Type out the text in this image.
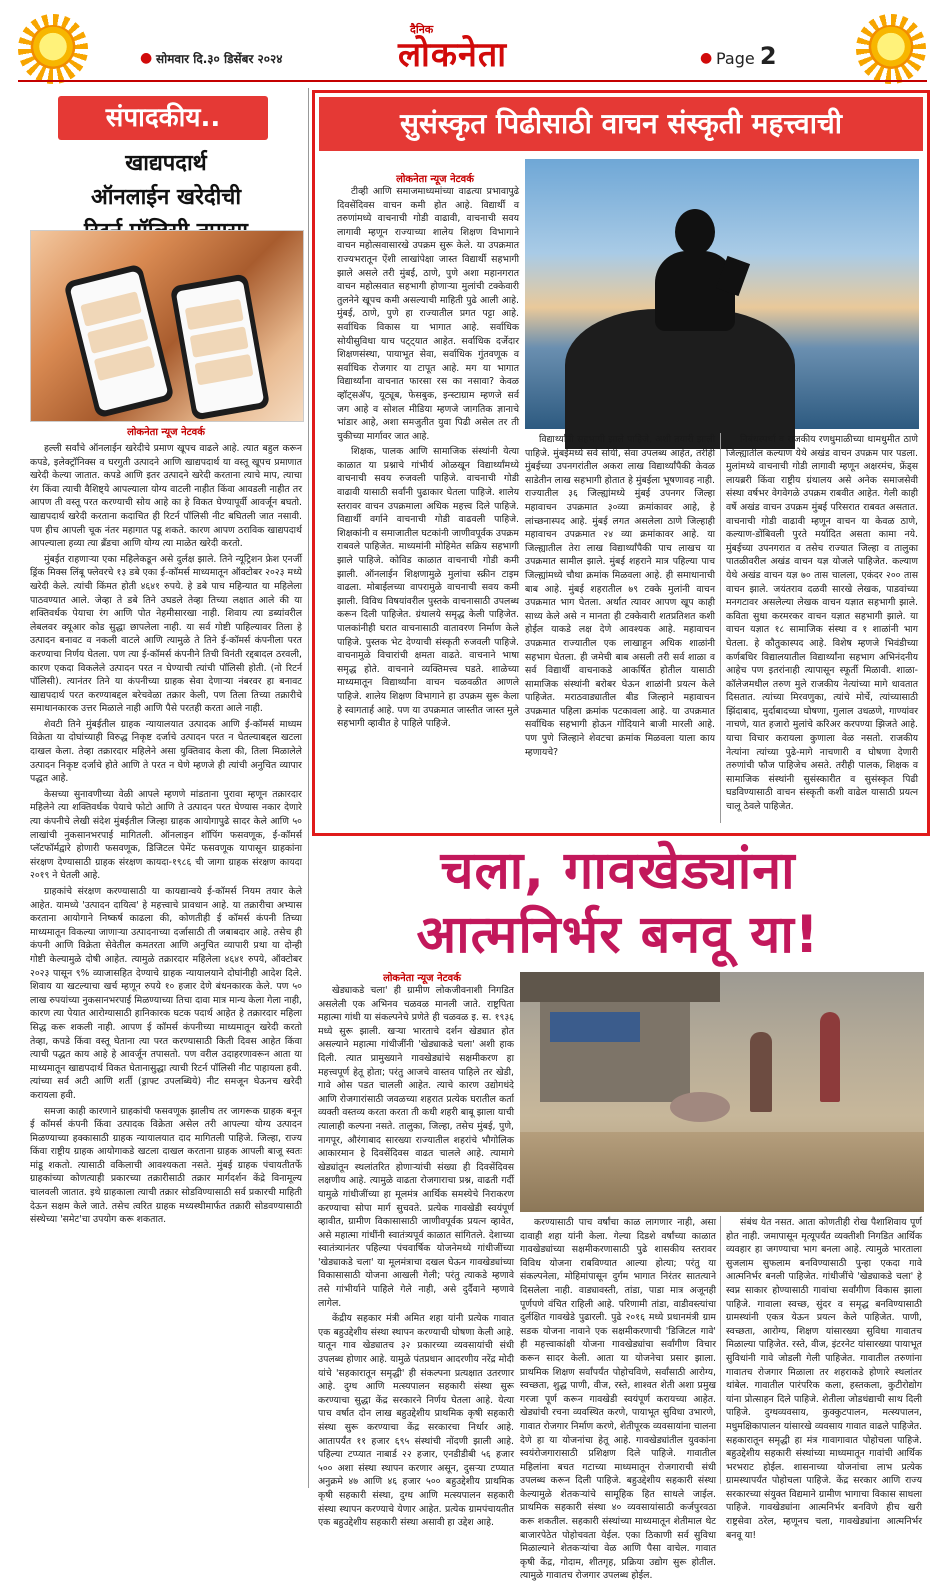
● सोमवार दि.३० डिसेंबर २०२४
दैनिक
लोकनेता	● Page 2
संपादकीय..
खाद्यपदार्थ
ऑनलाईन खरेदीची
लोकनेता न्यूज नेटवर्क

हल्ली सर्वांचे ऑनलाईन खरेदीचे प्रमाण खूपच वाढले आहे. त्यात बहुल करून कपडे, इलेक्ट्रॉनिक्स व घरगुती उत्पादने आणि खाद्यपदार्थ या वस्तू खूपच प्रमाणात खरेदी केल्या जातात. कपडे आणि इतर उत्पादने खरेदी करताना त्याचे माप, त्याचा रंग किंवा त्याची वैशिष्ट्ये आपल्याला योग्य वाटली नाहीत किंवा आवडली नाहीत तर आपण ती वस्तू परत करण्याची सोय आहे का हे विकत घेण्यापूर्वी आवर्जून बघतो. खाद्यपदार्थ खरेदी करताना कदाचित ही रिटर्न पॉलिसी नीट बघितली जात नसावी. पण हीच आपली चूक नंतर महागात पडू शकते. कारण आपण ठराविक खाद्यपदार्थ आपल्याला हव्या त्या ब्रँडचा आणि योग्य त्या माळेत खरेदी करतो.

मुंबईत राहणाऱ्या एका महिलेकडून असे दुर्लक्ष झाले. तिने न्यूट्रिशन फ्रेश एनर्जी ड्रिंक मिक्स लिंबू फ्लेवरचे १३ डबे एका ई-कॉमर्स माध्यमातून ऑक्टोबर २०२३ मध्ये खरेदी केले. त्यांची किंमत होती ४६४१ रुपये. हे डबे पाच महिन्यात या महिलेला पाठवण्यात आले. जेव्हा ते डबे तिने उघडले तेव्हा तिच्या लक्षात आले की या शक्तिवर्धक पेयाचा रंग आणि पोत नेहमीसारखा नाही. शिवाय त्या डब्यांवरील लेबलवर क्यूआर कोड सुद्धा छापलेला नाही. या सर्व गोष्टी पाहिल्यावर तिला हे उत्पादन बनावट व नकली वाटले आणि त्यामुळे ते तिने ई-कॉमर्स कंपनीला परत करण्याचा निर्णय घेतला. पण त्या ई-कॉमर्स कंपनीने तिची विनंती रद्दबादल ठरवली, कारण एकदा विकलेले उत्पादन परत न घेण्याची त्यांची पॉलिसी होती. (नो रिटर्न पॉलिसी). त्यानंतर तिने या कंपनीच्या ग्राहक सेवा देणाऱ्या नंबरवर हा बनावट खाद्यपदार्थ परत करण्याबद्दल बरेचवेळा तक्रार केली, पण तिला तिच्या तक्रारीचे समाधानकारक उत्तर मिळाले नाही आणि पैसे परतही करता आले नाही.

शेवटी तिने मुंबईतील ग्राहक न्यायालयात उत्पादक आणि ई-कॉमर्स माध्यम विक्रेता या दोघांच्याही विरुद्ध निकृष्ट दर्जाचे उत्पादन परत न घेतल्याबद्दल खटला दाखल केला. तेव्हा तक्रारदार महिलेने असा युक्तिवाद केला की, तिला मिळालेले उत्पादन निकृष्ट दर्जाचे होते आणि ते परत न घेणे म्हणजे ही त्यांची अनुचित व्यापार पद्धत आहे.

केसच्या सुनावणीच्या वेळी आपले म्हणणे मांडताना पुरावा म्हणून तक्रारदार महिलेने त्या शक्तिवर्धक पेयाचे फोटो आणि ते उत्पादन परत घेण्यास नकार देणारे त्या कंपनीचे लेखी संदेश मुंबईतील जिल्हा ग्राहक आयोगापुढे सादर केले आणि ५० लाखांची नुकसानभरपाई मागितली. ऑनलाइन शॉपिंग फसवणूक, ई-कॉमर्स प्लॅटफॉर्मद्वारे होणारी फसवणूक, डिजिटल पेमेंट फसवणूक यापासून ग्राहकांना संरक्षण देण्यासाठी ग्राहक संरक्षण कायदा-१९८६ ची जागा ग्राहक संरक्षण कायदा २०१९ ने घेतली आहे.

ग्राहकांचे संरक्षण करण्यासाठी या कायद्यान्वये ई-कॉमर्स नियम तयार केले आहेत. यामध्ये 'उत्पादन दायित्व' हे महत्त्वाचे प्रावधान आहे. या तक्रारीचा अभ्यास करताना आयोगाने निष्कर्ष काढला की, कोणतीही ई कॉमर्स कंपनी तिच्या माध्यमातून विकल्या जाणाऱ्या उत्पादनाच्या दर्जासाठी ती जबाबदार आहे. तसेच ही कंपनी आणि विक्रेता सेवेतील कमतरता आणि अनुचित व्यापारी प्रथा या दोन्ही गोष्टी केल्यामुळे दोषी आहेत. त्यामुळे तक्रारदार महिलेला ४६४१ रुपये, ऑक्टोबर २०२३ पासून ९% व्याजासहित देण्याचे ग्राहक न्यायालयाने दोघांनीही आदेश दिले. शिवाय या खटल्याचा खर्च म्हणून रुपये १० हजार देणे बंधनकारक केले. पण ५० लाख रुपयांच्या नुकसानभरपाई मिळण्याच्या तिचा दावा मात्र मान्य केला गेला नाही, कारण त्या पेयात आरोग्यासाठी हानिकारक घटक पदार्थ आहेत हे तक्रारदार महिला सिद्ध करू शकली नाही. आपण ई कॉमर्स कंपनीच्या माध्यमातून खरेदी करतो तेव्हा, कपडे किंवा वस्तू घेताना त्या परत करण्यासाठी किती दिवस आहेत किंवा त्याची पद्धत काय आहे हे आवर्जून तपासतो. पण वरील उदाहरणावरून आता या माध्यमातून खाद्यपदार्थ विकत घेतानासुद्धा त्याची रिटर्न पॉलिसी नीट पाहायला हवी. त्यांच्या सर्व अटी आणि शर्ती (ड्राफ्ट उपलब्धिये) नीट समजून घेऊनच खरेदी करायला हवी.

समजा काही कारणाने ग्राहकांची फसवणूक झालीच तर जागरूक ग्राहक बनून ई कॉमर्स कंपनी किंवा उत्पादक विक्रेता असेल तरी आपल्या योग्य उत्पादन मिळण्याच्या हक्कासाठी ग्राहक न्यायालयात दाद मागितली पाहिजे. जिल्हा, राज्य किंवा राष्ट्रीय ग्राहक आयोगाकडे खटला दाखल करताना ग्राहक आपली बाजू स्वतः मांडू शकतो. त्यासाठी वकिलाची आवश्यकता नसते. मुंबई ग्राहक पंचायतीतर्फे ग्राहकांच्या कोणत्याही प्रकारच्या तक्रारीसाठी तक्रार मार्गदर्शन केंद्रे विनामूल्य चालवली जातात. इथे ग्राहकाला त्याची तक्रार सोडविण्यासाठी सर्व प्रकारची माहिती देऊन सक्षम केले जाते. तसेच त्वरित ग्राहक मध्यस्थीमार्फत तक्रारी सोडवण्यासाठी संस्थेच्या 'समेट'चा उपयोग करू शकतात.

सुसंस्कृत पिढीसाठी वाचन संस्कृती महत्त्वाची
लोकनेता न्यूज नेटवर्क

टीव्ही आणि समाजमाध्यमांच्या वाढत्या प्रभावापुढे दिवसेंदिवस वाचन कमी होत आहे. विद्यार्थी व तरुणांमध्ये वाचनाची गोडी वाढावी, वाचनाची सवय लागावी म्हणून राज्याच्या शालेय शिक्षण विभागाने वाचन महोत्सवासारखे उपक्रम सुरू केले. या उपक्रमात राज्यभरातून ऐंशी लाखांपेक्षा जास्त विद्यार्थी सहभागी झाले असले तरी मुंबई, ठाणे, पुणे अशा महानगरात वाचन महोत्सवात सहभागी होणाऱ्या मुलांची टक्केवारी तुलनेने खूपच कमी असल्याची माहिती पुढे आली आहे. मुंबई, ठाणे, पुणे हा राज्यातील प्रगत पट्टा आहे. सर्वाधिक विकास या भागात आहे. सर्वाधिक सोयीसुविधा याच पट्ट्यात आहेत. सर्वाधिक दर्जेदार शिक्षणसंस्था, पायाभूत सेवा, सर्वाधिक गुंतवणूक व सर्वाधिक रोजगार या टापूत आहे. मग या भागात विद्यार्थ्यांना वाचनात फारसा रस का नसावा? केवळ व्हॉट्सॲप, यूट्यूब, फेसबुक, इन्स्टाग्राम म्हणजे सर्व जग आहे व सोशल मीडिया म्हणजे जागतिक ज्ञानाचे भांडार आहे, अशा समजुतीत युवा पिढी असेल तर ती चुकीच्या मार्गावर जात आहे.

शिक्षक, पालक आणि सामाजिक संस्थांनी येत्या काळात या प्रश्नाचे गांभीर्य ओळखून विद्यार्थ्यांमध्ये वाचनाची सवय रुजवली पाहिजे. वाचनाची गोडी वाढावी यासाठी सर्वांनी पुढाकार घेतला पाहिजे. शालेय स्तरावर वाचन उपक्रमाला अधिक महत्त्व दिले पाहिजे. विद्यार्थी वर्गाने वाचनाची गोडी वाढवली पाहिजे. शिक्षकांनी व समाजातील घटकांनी जाणीवपूर्वक उपक्रम राबवले पाहिजेत. माध्यमांनी मोहिमेत सक्रिय सहभागी झाले पाहिजे. कोविड काळात वाचनाची गोडी कमी झाली. ऑनलाईन शिक्षणामुळे मुलांचा स्क्रीन टाइम वाढला. मोबाईलच्या वापरामुळे वाचनाची सवय कमी झाली. विविध विषयांवरील पुस्तके वाचनासाठी उपलब्ध करून दिली पाहिजेत. ग्रंथालये समृद्ध केली पाहिजेत. पालकांनीही घरात वाचनासाठी वातावरण निर्माण केले पाहिजे. पुस्तक भेट देण्याची संस्कृती रुजवली पाहिजे. वाचनामुळे विचारांची क्षमता वाढते. वाचनाने भाषा समृद्ध होते. वाचनाने व्यक्तिमत्त्व घडते. शाळेच्या माध्यमातून विद्यार्थ्यांना वाचन चळवळीत आणले पाहिजे. शालेय शिक्षण विभागाने हा उपक्रम सुरू केला हे स्वागतार्ह आहे. पण या उपक्रमात जास्तीत जास्त मुले सहभागी व्हावीत हे पाहिले पाहिजे.

विद्यार्थ्यांनी सहभागी झाले पाहिजे, अशी तयारी झाली पाहिजे. मुंबईमध्ये सर्व सोयी, सेवा उपलब्ध आहेत, तरीही मुंबईच्या उपनगरांतील अकरा लाख विद्यार्थ्यांपैकी केवळ साडेतीन लाख सहभागी होतात हे मुंबईला भूषणावह नाही. राज्यातील ३६ जिल्ह्यांमध्ये मुंबई उपनगर जिल्हा महावाचन उपक्रमात ३०व्या क्रमांकावर आहे, हे लांच्छनास्पद आहे. मुंबई लगत असलेला ठाणे जिल्हाही महावाचन उपक्रमात २४ व्या क्रमांकावर आहे. या जिल्ह्यातील तेरा लाख विद्यार्थ्यांपैकी पाच लाखच या उपक्रमात सामील झाले. मुंबई शहराने मात्र पहिल्या पाच जिल्ह्यांमध्ये चौथा क्रमांक मिळवला आहे. ही समाधानाची बाब आहे. मुंबई शहरातील ७९ टक्के मुलांनी वाचन उपक्रमात भाग घेतला. अर्थात त्यावर आपण खूप काही साध्य केले असे न मानता ही टक्केवारी शतप्रतिशत कशी होईल याकडे लक्ष देणे आवश्यक आहे. महावाचन उपक्रमात राज्यातील एक लाखाहून अधिक शाळांनी सहभाग घेतला. ही जमेची बाब असली तरी सर्व शाळा व सर्व विद्यार्थी वाचनाकडे आकर्षित होतील यासाठी सामाजिक संस्थांनी बरोबर घेऊन शाळांनी प्रयत्न केले पाहिजेत. मराठवाड्यातील बीड जिल्हाने महावाचन उपक्रमात पहिला क्रमांक पटकावला आहे. या उपक्रमात सर्वाधिक सहभागी होऊन गोंदियाने बाजी मारली आहे. पण पुणे जिल्हाने शेवटचा क्रमांक मिळवला याला काय म्हणायचे?

निबंधस्पर्धा व राजकीय रणधुमाळीच्या धामधुमीत ठाणे जिल्ह्यातील कल्याण येथे अखंड वाचन उपक्रम पार पडला. मुलांमध्ये वाचनाची गोडी लागावी म्हणून अक्षरमंच, फ्रेंड्स लायब्ररी किंवा राष्ट्रीय ग्रंथालय असे अनेक समाजसेवी संस्था वर्षभर वेगवेगळे उपक्रम राबवीत आहेत. गेली काही वर्षे अखंड वाचन उपक्रम मुंबई परिसरात राबवत असतात. वाचनाची गोडी वाढावी म्हणून वाचन या केवळ ठाणे, कल्याण-डोंबिवली पुरते मर्यादित असता कामा नये. मुंबईच्या उपनगरात व तसेच राज्यात जिल्हा व तालुका पातळीवरील अखंड वाचन यज्ञ योजले पाहिजेत. कल्याण येथे अखंड वाचन यज्ञ ७० तास चालला, एकंदर २०० तास वाचन झाले. जयंतराव दळवी सारखे लेखक, पाडवांच्या मनगटावर असलेल्या लेखक वाचन यज्ञात सहभागी झाले. कविता सुधा करमरकर वाचन यज्ञात सहभागी झाले. या वाचन यज्ञात १८ सामाजिक संस्था व १ शाळांनी भाग घेतला. हे कौतुकास्पद आहे. विशेष म्हणजे भिवंडीच्या कर्णबधिर विद्यालयातील विद्यार्थ्यांना सहभाग अभिनंदनीय आहेच पण इतरांनाही त्यापासून स्फूर्ती मिळावी. शाळा-कॉलेजमधील तरुण मुले राजकीय नेत्यांच्या मागे धावतात दिसतात. त्यांच्या मिरवणुका, त्यांचे मोर्चे, त्यांच्यासाठी झिंदाबाद, मुर्दाबादच्या घोषणा, गुलाल उधळणे, गाण्यांवर नाचणे, यात हजारो मुलांचे करिअर करपण्या झिजते आहे. याचा विचार करायला कुणाला वेळ नसतो. राजकीय नेत्यांना त्यांच्या पुढे-मागे नाचणारी व घोषणा देणारी तरुणांची फौज पाहिजेच असते. तरीही पालक, शिक्षक व सामाजिक संस्थांनी सुसंस्कारीत व सुसंस्कृत पिढी घडविण्यासाठी वाचन संस्कृती कशी वाढेल यासाठी प्रयत्न चालू ठेवले पाहिजेत.

चला, गावखेड्यांना
आत्मनिर्भर बनवू या!
लोकनेता न्यूज नेटवर्क

खेड्याकडे चला' ही ग्रामीण लोकजीवनाशी निगडित असलेली एक अभिनव चळवळ मानली जाते. राष्ट्रपिता महात्मा गांधी या संकल्पनेचे प्रणेते ही चळवळ इ. स. १९३६ मध्ये सुरू झाली. खऱ्या भारताचे दर्शन खेड्यात होत असल्याने महात्मा गांधीजींनी 'खेड्याकडे चला' अशी हाक दिली. त्यात प्रामुख्याने गावखेड्यांचे सक्षमीकरण हा महत्त्वपूर्ण हेतू होता; परंतु आजचे वास्तव पाहिले तर खेडी, गावे ओस पडत चालली आहेत. त्याचे कारण उद्योगधंदे आणि रोजगारांसाठी जवळच्या शहरात प्रत्येक घरातील कर्ता व्यक्ती वस्तव्य करता करता ती कधी शहरी बाबू झाला याची त्यालाही कल्पना नसते. तालुका, जिल्हा, तसेच मुंबई, पुणे, नागपूर, औरंगाबाद सारख्या राज्यातील शहरांचे भौगोलिक आकारमान हे दिवसेंदिवस वाढत चालले आहे. त्यामागे खेड्यांतून स्थलांतरित होणाऱ्यांची संख्या ही दिवसेंदिवस लक्षणीय आहे. त्यामुळे वाढता रोजगाराचा प्रश्न, वाढती गर्दी यामुळे गांधीजींच्या हा मूलमंत्र आर्थिक समस्येचे निराकरण करण्याचा सोपा मार्ग सुचवते. प्रत्येक गावखेडी स्वयंपूर्ण व्हावीत, ग्रामीण विकासासाठी जाणीवपूर्वक प्रयत्न व्हावेत, असे महात्मा गांधींनी स्वातंत्र्यपूर्व काळात सांगितले. देशाच्या स्वातंत्र्यानंतर पहिल्या पंचवार्षिक योजनेमध्ये गांधीजींच्या 'खेड्याकडे चला' या मूलमंत्राचा दखल घेऊन गावखेड्यांच्या विकासासाठी योजना आखली गेली; परंतु त्याकडे म्हणावे तसे गांभीर्याने पाहिले गेले नाही, असे दुर्दैवाने म्हणावे लागेल.

केंद्रीय सहकार मंत्री अमित शहा यांनी प्रत्येक गावात एक बहुउद्देशीय संस्था स्थापन करण्याची घोषणा केली आहे. यातून गाव खेड्यातच ३२ प्रकारच्या व्यवसायांची संधी उपलब्ध होणार आहे. यामुळे पंतप्रधान आदरणीय नरेंद्र मोदी यांचे 'सहकारातून समृद्धी' ही संकल्पना प्रत्यक्षात उतरणार आहे. दुग्ध आणि मत्स्यपालन सहकारी संस्था सुरू करण्याचा सुद्धा केंद्र सरकारने निर्णय घेतला आहे. येत्या पाच वर्षात दोन लाख बहुउद्देशीय प्राथमिक कृषी सहकारी संस्था सुरू करण्याचा केंद्र सरकारचा निर्धार आहे. आतापर्यंत ११ हजार ६९५ संस्थांची नोंदणी झाली आहे. पहिल्या टप्प्यात नाबार्ड २२ हजार, एनडीडीबी ५६ हजार ५०० अशा संस्था स्थापन करणार असून, दुसऱ्या टप्प्यात अनुक्रमे ४७ आणि ४६ हजार ५०० बहुउद्देशीय प्राथमिक कृषी सहकारी संस्था, दुग्ध आणि मत्स्यपालन सहकारी संस्था स्थापन करण्याचे येणार आहेत. प्रत्येक ग्रामपंचायतीत एक बहुउद्देशीय सहकारी संस्था असावी हा उद्देश आहे.

करण्यासाठी पाच वर्षांचा काळ लागणार नाही, असा दावाही शहा यांनी केला. गेल्या दिडशे वर्षांच्या काळात गावखेड्यांच्या सक्षमीकरणासाठी पुढे शासकीय स्तरावर विविध योजना राबविण्यात आल्या होत्या; परंतु या संकल्पनेला, मोहिमांपासून दुर्गम भागात निरंतर सातत्याने दिसलेला नाही. वाड्यावस्ती, तांडा, पाडा मात्र अजूनही पूर्णपणे वंचित राहिली आहे. परिणामी तांडा, वाडीवस्त्यांचा दुर्लक्षित गावखेडे पुढारली. पुढे २०१६ मध्ये प्रधानमंत्री ग्राम सडक योजना नावाने एक सक्षमीकरणाची 'डिजिटल गावे' ही महत्त्वाकांक्षी योजना गावखेड्यांचा सर्वांगीण विचार करून सादर केली. आता या योजनेचा प्रसार झाला. प्राथमिक शिक्षण सर्वांपर्यंत पोहोचविणे, सर्वांसाठी आरोग्य, स्वच्छता, शुद्ध पाणी, वीज, रस्ते, शाश्वत शेती अशा प्रमुख गरजा पूर्ण करून गावखेडी स्वयंपूर्ण करायच्या आहेत. खेड्यांची रचना व्यवस्थित करणे, पायाभूत सुविधा उभारणे, गावात रोजगार निर्माण करणे, शेतीपूरक व्यवसायांना चालना देणे हा या योजनांचा हेतू आहे. गावखेड्यांतील युवकांना स्वयंरोजगारासाठी प्रशिक्षण दिले पाहिजे. गावातील महिलांना बचत गटाच्या माध्यमातून रोजगाराची संधी उपलब्ध करून दिली पाहिजे. बहुउद्देशीय सहकारी संस्था केल्यामुळे शेतकऱ्यांचे सामूहिक हित साधले जाईल. प्राथमिक सहकारी संस्था ४० व्यवसायांसाठी कर्जपुरवठा करू शकतील. सहकारी संस्थांच्या माध्यमातून शेतीमाल थेट बाजारपेठेत पोहोचवता येईल. एका ठिकाणी सर्व सुविधा मिळाल्याने शेतकऱ्यांचा वेळ आणि पैसा वाचेल. गावात कृषी केंद्र, गोदाम, शीतगृह, प्रक्रिया उद्योग सुरू होतील. त्यामुळे गावातच रोजगार उपलब्ध होईल.

संबंध येत नसत. आता कोणतीही रोख पैशाशिवाय पूर्ण होत नाही. जमापासून मृत्यूपर्यंत व्यक्तीशी निगडित आर्थिक व्यवहार हा जगण्याचा भाग बनला आहे. त्यामुळे भारताला सुजलाम सुफलाम बनविण्यासाठी पुन्हा एकदा गावे आत्मनिर्भर बनली पाहिजेत. गांधीजींचे 'खेड्याकडे चला' हे स्वप्न साकार होण्यासाठी गावांचा सर्वांगीण विकास झाला पाहिजे. गावाला स्वच्छ, सुंदर व समृद्ध बनविण्यासाठी ग्रामस्थांनी एकत्र येऊन प्रयत्न केले पाहिजेत. पाणी, स्वच्छता, आरोग्य, शिक्षण यांसारख्या सुविधा गावातच मिळाल्या पाहिजेत. रस्ते, वीज, इंटरनेट यांसारख्या पायाभूत सुविधांनी गावे जोडली गेली पाहिजेत. गावातील तरुणांना गावातच रोजगार मिळाला तर शहराकडे होणारे स्थलांतर थांबेल. गावातील पारंपरिक कला, हस्तकला, कुटीरोद्योग यांना प्रोत्साहन दिले पाहिजे. शेतीला जोडधंद्याची साथ दिली पाहिजे. दुग्धव्यवसाय, कुक्कुटपालन, मत्स्यपालन, मधुमक्षिकापालन यांसारखे व्यवसाय गावात वाढले पाहिजेत. सहकारातून समृद्धी हा मंत्र गावागावात पोहोचला पाहिजे. बहुउद्देशीय सहकारी संस्थांच्या माध्यमातून गावांची आर्थिक भरभराट होईल. शासनाच्या योजनांचा लाभ प्रत्येक ग्रामस्थापर्यंत पोहोचला पाहिजे. केंद्र सरकार आणि राज्य सरकारच्या संयुक्त विद्यमाने ग्रामीण भागाचा विकास साधला पाहिजे. गावखेड्यांना आत्मनिर्भर बनविणे हीच खरी राष्ट्रसेवा ठरेल, म्हणूनच चला, गावखेड्यांना आत्मनिर्भर बनवू या!
